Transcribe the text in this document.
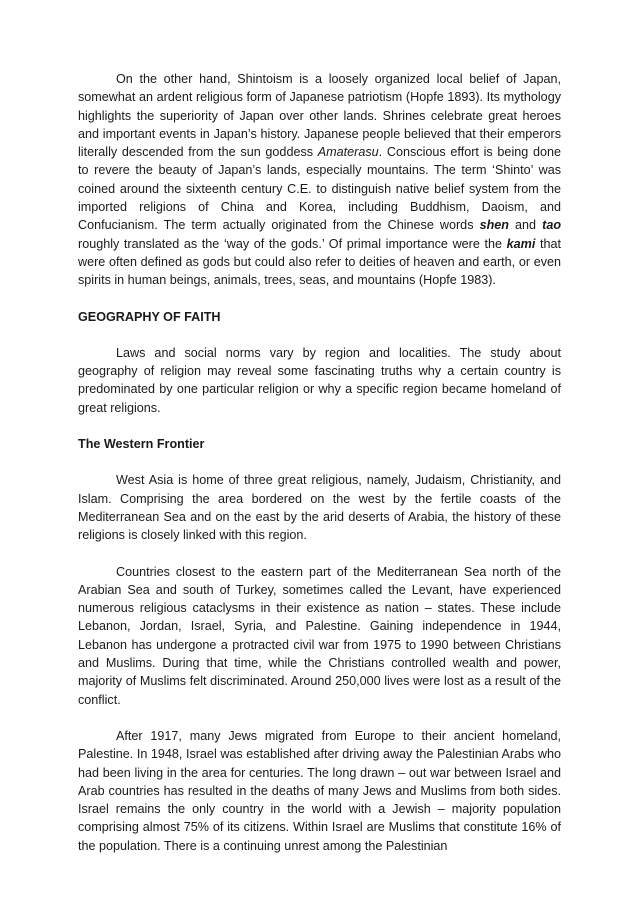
On the other hand, Shintoism is a loosely organized local belief of Japan, somewhat an ardent religious form of Japanese patriotism (Hopfe 1893). Its mythology highlights the superiority of Japan over other lands. Shrines celebrate great heroes and important events in Japan’s history. Japanese people believed that their emperors literally descended from the sun goddess Amaterasu. Conscious effort is being done to revere the beauty of Japan’s lands, especially mountains. The term ‘Shinto’ was coined around the sixteenth century C.E. to distinguish native belief system from the imported religions of China and Korea, including Buddhism, Daoism, and Confucianism. The term actually originated from the Chinese words shen and tao roughly translated as the ‘way of the gods.’ Of primal importance were the kami that were often defined as gods but could also refer to deities of heaven and earth, or even spirits in human beings, animals, trees, seas, and mountains (Hopfe 1983).

GEOGRAPHY OF FAITH

Laws and social norms vary by region and localities. The study about geography of religion may reveal some fascinating truths why a certain country is predominated by one particular religion or why a specific region became homeland of great religions.

The Western Frontier

West Asia is home of three great religious, namely, Judaism, Christianity, and Islam. Comprising the area bordered on the west by the fertile coasts of the Mediterranean Sea and on the east by the arid deserts of Arabia, the history of these religions is closely linked with this region.

Countries closest to the eastern part of the Mediterranean Sea north of the Arabian Sea and south of Turkey, sometimes called the Levant, have experienced numerous religious cataclysms in their existence as nation – states. These include Lebanon, Jordan, Israel, Syria, and Palestine. Gaining independence in 1944, Lebanon has undergone a protracted civil war from 1975 to 1990 between Christians and Muslims. During that time, while the Christians controlled wealth and power, majority of Muslims felt discriminated. Around 250,000 lives were lost as a result of the conflict.

After 1917, many Jews migrated from Europe to their ancient homeland, Palestine. In 1948, Israel was established after driving away the Palestinian Arabs who had been living in the area for centuries. The long drawn – out war between Israel and Arab countries has resulted in the deaths of many Jews and Muslims from both sides. Israel remains the only country in the world with a Jewish – majority population comprising almost 75% of its citizens. Within Israel are Muslims that constitute 16% of the population. There is a continuing unrest among the Palestinian
